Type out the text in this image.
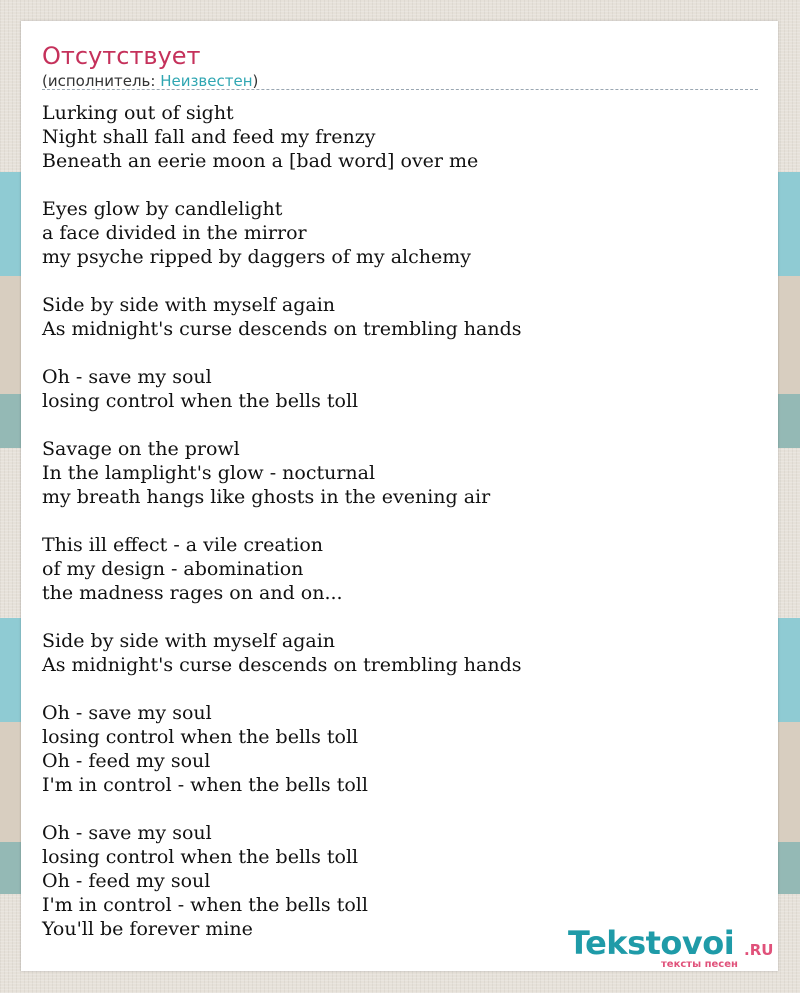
Отсутствует
(исполнитель: Неизвестен)
Lurking out of sight
Night shall fall and feed my frenzy
Beneath an eerie moon a [bad word] over me
Eyes glow by candlelight
a face divided in the mirror
my psyche ripped by daggers of my alchemy
Side by side with myself again
As midnight's curse descends on trembling hands
Oh - save my soul
losing control when the bells toll
Savage on the prowl
In the lamplight's glow - nocturnal
my breath hangs like ghosts in the evening air
This ill effect - a vile creation
of my design - abomination
the madness rages on and on...
Side by side with myself again
As midnight's curse descends on trembling hands
Oh - save my soul
losing control when the bells toll
Oh - feed my soul
I'm in control - when the bells toll
Oh - save my soul
losing control when the bells toll
Oh - feed my soul
I'm in control - when the bells toll
You'll be forever mine	Tekstovoi .RU
тексты песен
